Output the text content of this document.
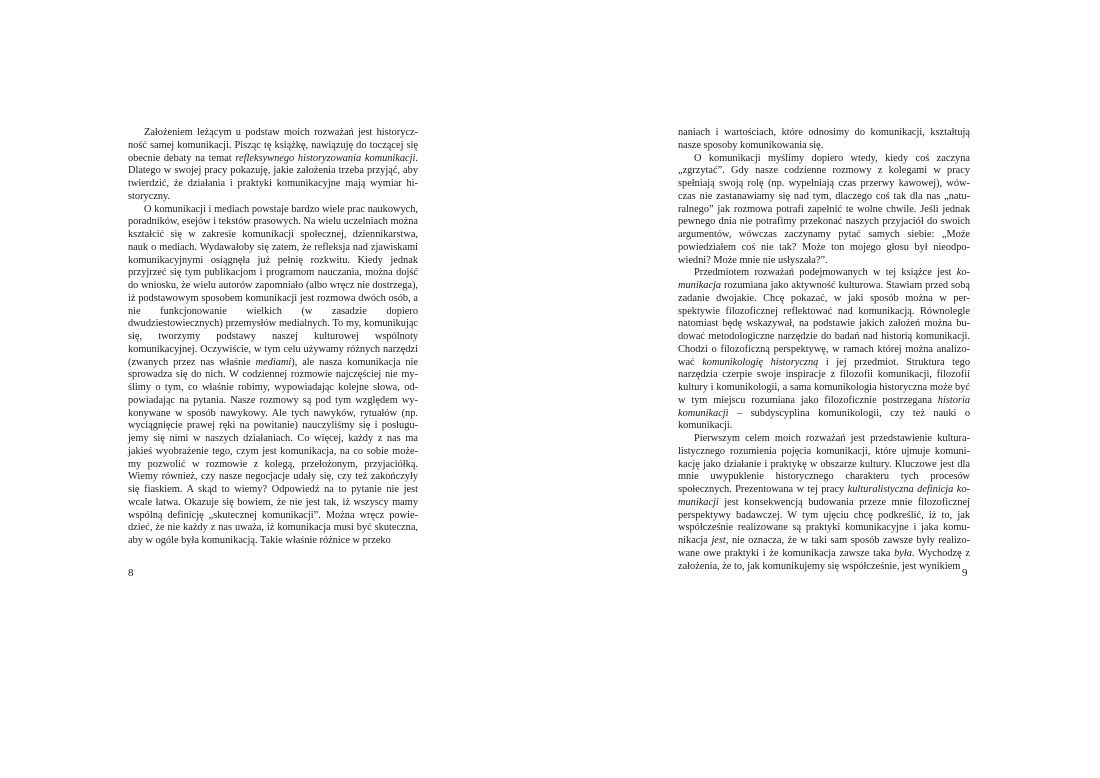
Założeniem leżącym u podstaw moich rozważań jest historyczność samej komunikacji. Pisząc tę książkę, nawiązuję do toczącej się obecnie debaty na temat refleksywnego historyzowania komunikacji. Dlatego w swojej pracy pokazuję, jakie założenia trzeba przyjąć, aby twierdzić, że działania i praktyki komunikacyjne mają wymiar historyczny.

O komunikacji i mediach powstaje bardzo wiele prac naukowych, poradników, esejów i tekstów prasowych. Na wielu uczelniach można kształcić się w zakresie komunikacji społecznej, dziennikarstwa, nauk o mediach. Wydawałoby się zatem, że refleksja nad zjawiskami komunikacyjnymi osiągnęła już pełnię rozkwitu. Kiedy jednak przyjrzeć się tym publikacjom i programom nauczania, można dojść do wniosku, że wielu autorów zapomniało (albo wręcz nie dostrzega), iż podstawowym sposobem komunikacji jest rozmowa dwóch osób, a nie funkcjonowanie wielkich (w zasadzie dopiero dwudziestowiecznych) przemysłów medialnych. To my, komunikując się, tworzymy podstawy naszej kulturowej wspólnoty komunikacyjnej. Oczywiście, w tym celu używamy różnych narzędzi (zwanych przez nas właśnie mediami), ale nasza komunikacja nie sprowadza się do nich. W codziennej rozmowie najczęściej nie myślimy o tym, co właśnie robimy, wypowiadając kolejne słowa, odpowiadając na pytania. Nasze rozmowy są pod tym względem wykonywane w sposób nawykowy. Ale tych nawyków, rytuałów (np. wyciągnięcie prawej ręki na powitanie) nauczyliśmy się i posługujemy się nimi w naszych działaniach. Co więcej, każdy z nas ma jakieś wyobrażenie tego, czym jest komunikacja, na co sobie możemy pozwolić w rozmowie z kolegą, przełożonym, przyjaciółką. Wiemy również, czy nasze negocjacje udały się, czy też zakończyły się fiaskiem. A skąd to wiemy? Odpowiedź na to pytanie nie jest wcale łatwa. Okazuje się bowiem, że nie jest tak, iż wszyscy mamy wspólną definicję „skutecznej komunikacji”. Można wręcz powiedzieć, że nie każdy z nas uważa, iż komunikacja musi być skuteczna, aby w ogóle była komunikacją. Takie właśnie różnice w przeko

8

naniach i wartościach, które odnosimy do komunikacji, kształtują nasze sposoby komunikowania się.

O komunikacji myślimy dopiero wtedy, kiedy coś zaczyna „zgrzytać”. Gdy nasze codzienne rozmowy z kolegami w pracy spełniają swoją rolę (np. wypełniają czas przerwy kawowej), wówczas nie zastanawiamy się nad tym, dlaczego coś tak dla nas „naturalnego” jak rozmowa potrafi zapełnić te wolne chwile. Jeśli jednak pewnego dnia nie potrafimy przekonać naszych przyjaciół do swoich argumentów, wówczas zaczynamy pytać samych siebie: „Może powiedziałem coś nie tak? Może ton mojego głosu był nieodpowiedni? Może mnie nie usłyszała?”.

Przedmiotem rozważań podejmowanych w tej książce jest komunikacja rozumiana jako aktywność kulturowa. Stawiam przed sobą zadanie dwojakie. Chcę pokazać, w jaki sposób można w perspektywie filozoficznej reflektować nad komunikacją. Równolegle natomiast będę wskazywał, na podstawie jakich założeń można budować metodologiczne narzędzie do badań nad historią komunikacji. Chodzi o filozoficzną perspektywę, w ramach której można analizować komunikologię historyczną i jej przedmiot. Struktura tego narzędzia czerpie swoje inspiracje z filozofii komunikacji, filozofii kultury i komunikologii, a sama komunikologia historyczna może być w tym miejscu rozumiana jako filozoficznie postrzegana historia komunikacji – subdyscyplina komunikologii, czy też nauki o komunikacji.

Pierwszym celem moich rozważań jest przedstawienie kulturalistycznego rozumienia pojęcia komunikacji, które ujmuje komunikację jako działanie i praktykę w obszarze kultury. Kluczowe jest dla mnie uwypuklenie historycznego charakteru tych procesów społecznych. Prezentowana w tej pracy kulturalistyczna definicja komunikacji jest konsekwencją budowania przeze mnie filozoficznej perspektywy badawczej. W tym ujęciu chcę podkreślić, iż to, jak współcześnie realizowane są praktyki komunikacyjne i jaka komunikacja jest, nie oznacza, że w taki sam sposób zawsze były realizowane owe praktyki i że komunikacja zawsze taka była. Wychodzę z założenia, że to, jak komunikujemy się współcześnie, jest wynikiem

9
